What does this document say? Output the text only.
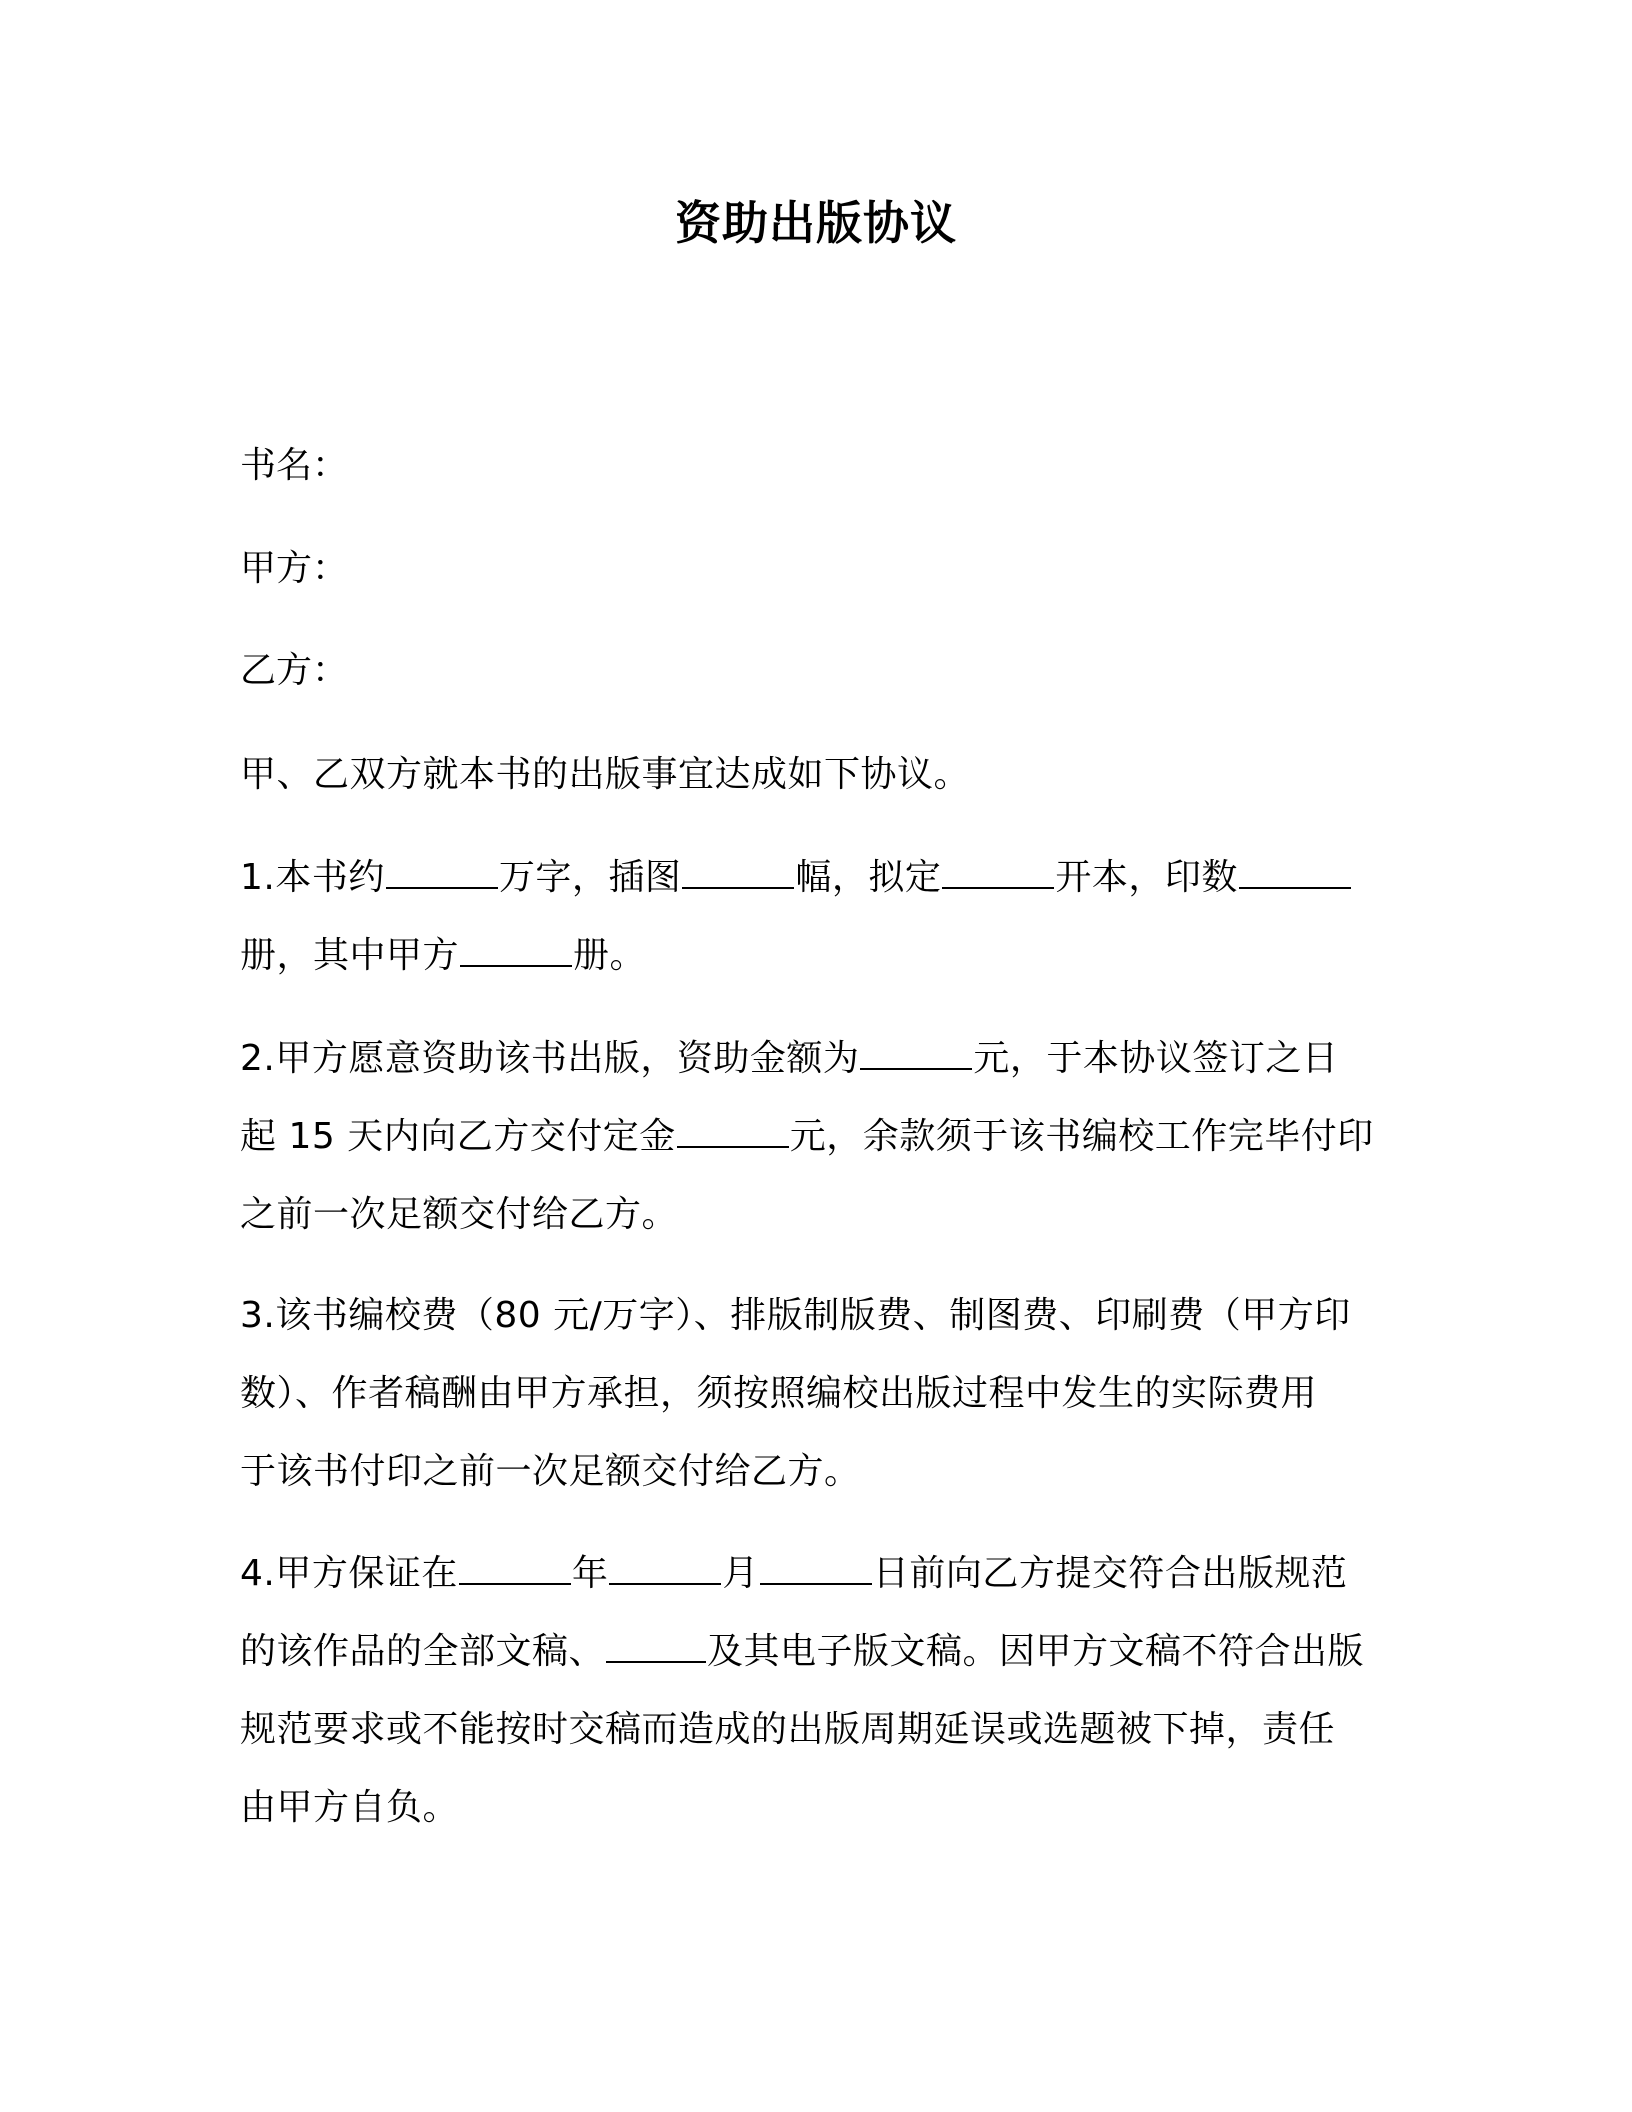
资助出版协议
书名：
甲方：
乙方：
甲、乙双方就本书的出版事宜达成如下协议。
1.本书约	万字，插图	幅，拟定	开本，印数
册，其中甲方	册。
2.甲方愿意资助该书出版，资助金额为	元，于本协议签订之日
起 15 天内向乙方交付定金	元，余款须于该书编校工作完毕付印
之前一次足额交付给乙方。
3.该书编校费（80 元/万字）、排版制版费、制图费、印刷费（甲方印
数）、作者稿酬由甲方承担，须按照编校出版过程中发生的实际费用
于该书付印之前一次足额交付给乙方。
4.甲方保证在	年	月	日前向乙方提交符合出版规范
的该作品的全部文稿、	及其电子版文稿。因甲方文稿不符合出版
规范要求或不能按时交稿而造成的出版周期延误或选题被下掉，责任
由甲方自负。
